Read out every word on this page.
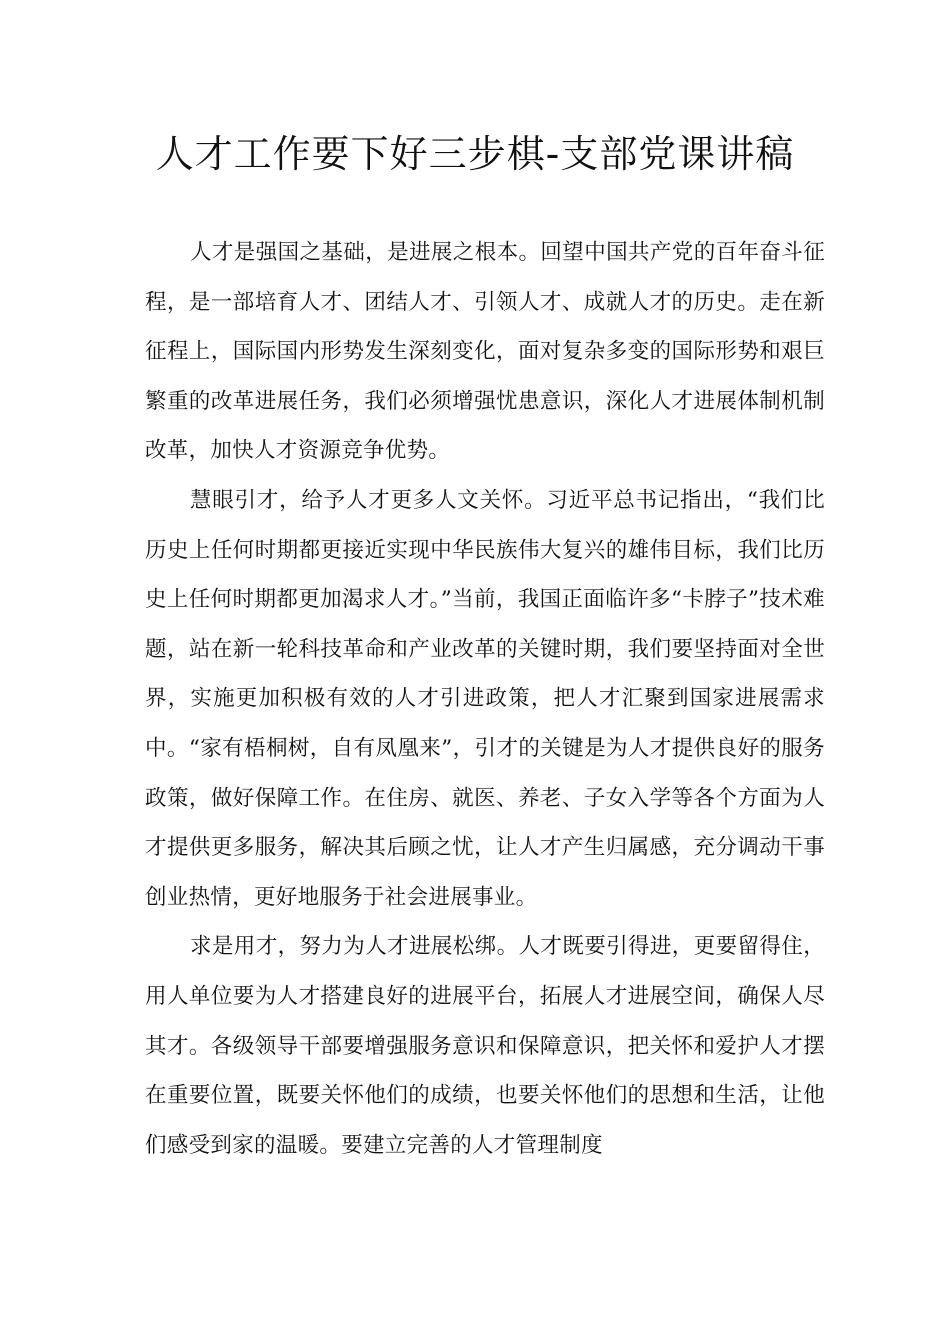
人才工作要下好三步棋-支部党课讲稿

人才是强国之基础，是进展之根本。回望中国共产党的百年奋斗征程，是一部培育人才、团结人才、引领人才、成就人才的历史。走在新征程上，国际国内形势发生深刻变化，面对复杂多变的国际形势和艰巨繁重的改革进展任务，我们必须增强忧患意识，深化人才进展体制机制改革，加快人才资源竞争优势。

慧眼引才，给予人才更多人文关怀。习近平总书记指出，“我们比历史上任何时期都更接近实现中华民族伟大复兴的雄伟目标，我们比历史上任何时期都更加渴求人才。”当前，我国正面临许多“卡脖子”技术难题，站在新一轮科技革命和产业改革的关键时期，我们要坚持面对全世界，实施更加积极有效的人才引进政策，把人才汇聚到国家进展需求中。“家有梧桐树，自有凤凰来”，引才的关键是为人才提供良好的服务政策，做好保障工作。在住房、就医、养老、子女入学等各个方面为人才提供更多服务，解决其后顾之忧，让人才产生归属感，充分调动干事创业热情，更好地服务于社会进展事业。

求是用才，努力为人才进展松绑。人才既要引得进，更要留得住，用人单位要为人才搭建良好的进展平台，拓展人才进展空间，确保人尽其才。各级领导干部要增强服务意识和保障意识，把关怀和爱护人才摆在重要位置，既要关怀他们的成绩，也要关怀他们的思想和生活，让他们感受到家的温暖。要建立完善的人才管理制度
